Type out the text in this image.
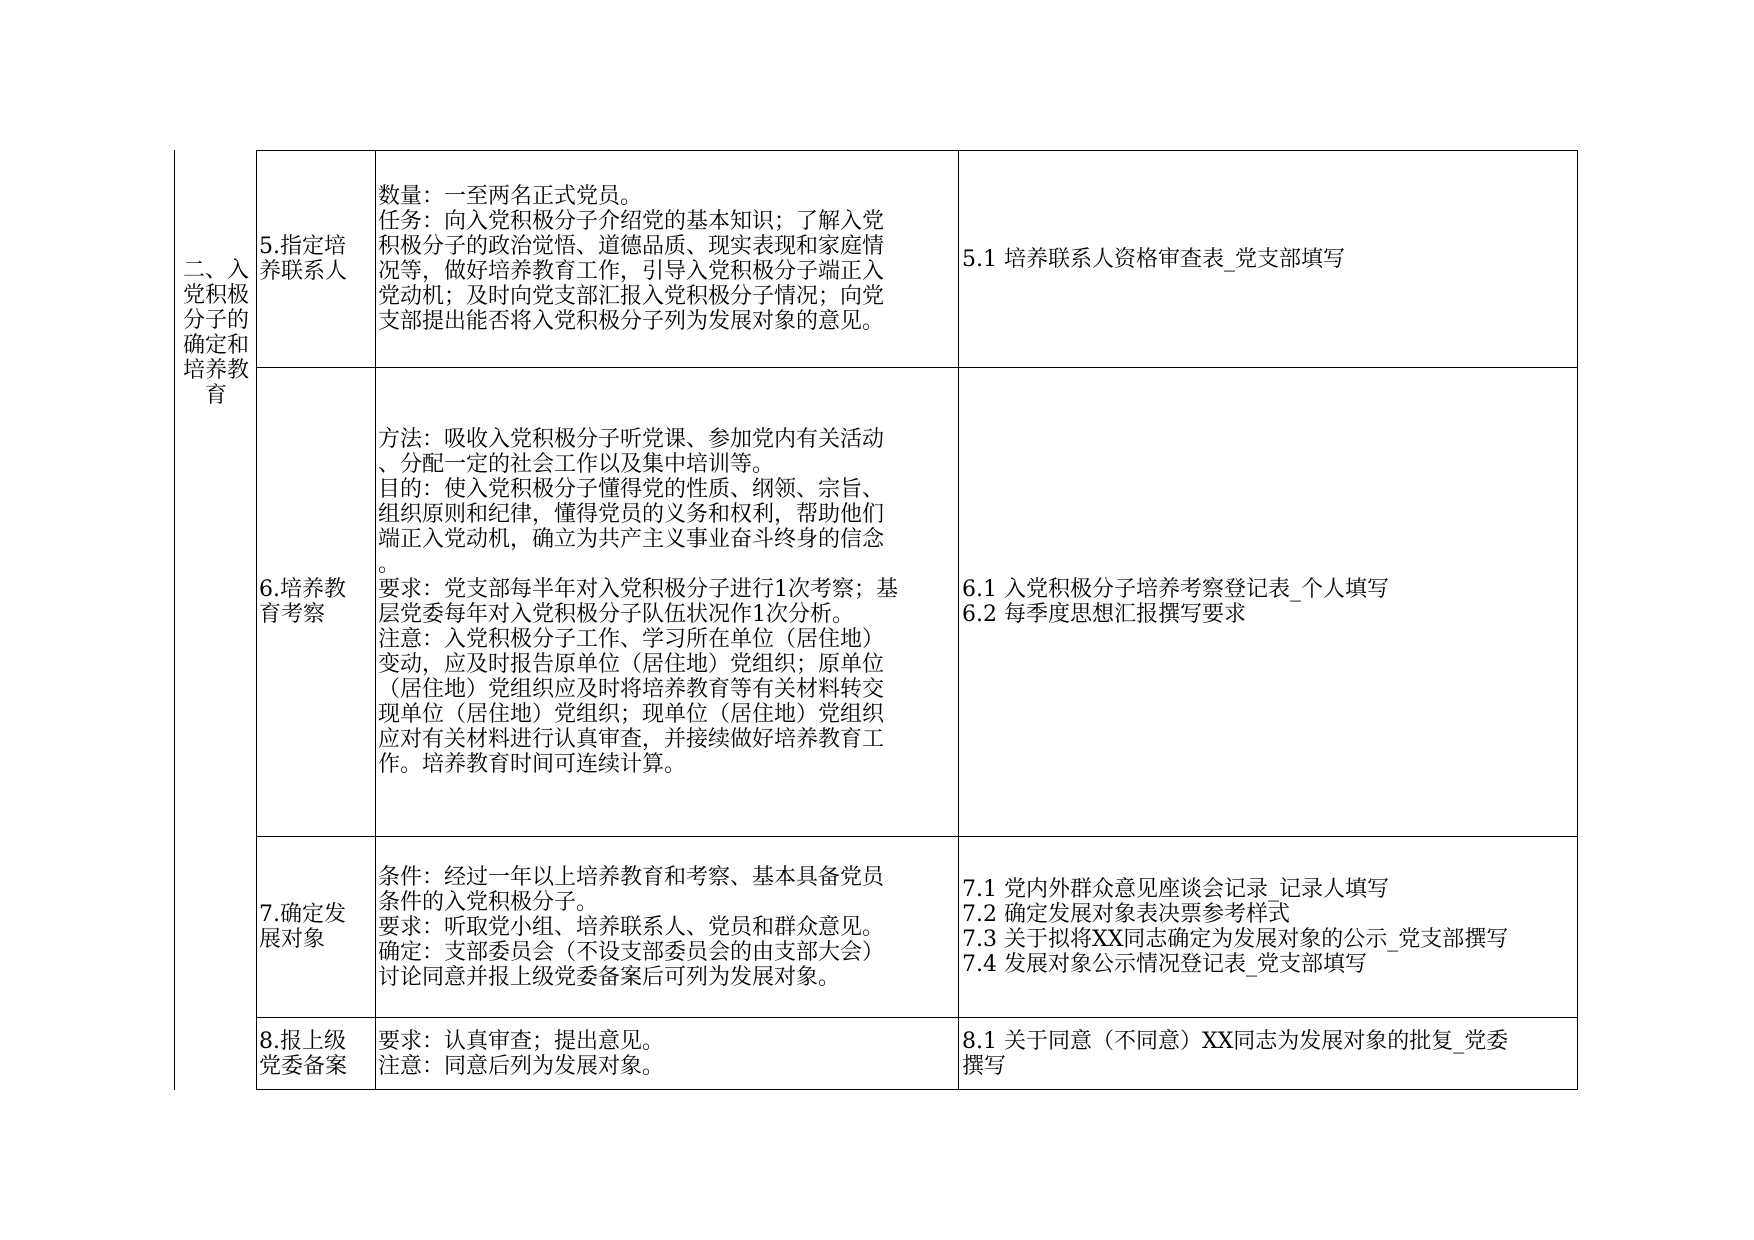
二、入
党积极
分子的
确定和
培养教
育
5.指定培
养联系人
数量：一至两名正式党员。
任务：向入党积极分子介绍党的基本知识；了解入党
积极分子的政治觉悟、道德品质、现实表现和家庭情
况等，做好培养教育工作，引导入党积极分子端正入
党动机；及时向党支部汇报入党积极分子情况；向党
支部提出能否将入党积极分子列为发展对象的意见。
5.1 培养联系人资格审查表_党支部填写
6.培养教
育考察
方法：吸收入党积极分子听党课、参加党内有关活动
、分配一定的社会工作以及集中培训等。
目的：使入党积极分子懂得党的性质、纲领、宗旨、
组织原则和纪律，懂得党员的义务和权利，帮助他们
端正入党动机，确立为共产主义事业奋斗终身的信念
。
要求：党支部每半年对入党积极分子进行1次考察；基
层党委每年对入党积极分子队伍状况作1次分析。
注意：入党积极分子工作、学习所在单位（居住地）
变动，应及时报告原单位（居住地）党组织；原单位
（居住地）党组织应及时将培养教育等有关材料转交
现单位（居住地）党组织；现单位（居住地）党组织
应对有关材料进行认真审查，并接续做好培养教育工
作。培养教育时间可连续计算。
6.1 入党积极分子培养考察登记表_个人填写
6.2 每季度思想汇报撰写要求
7.确定发
展对象
条件：经过一年以上培养教育和考察、基本具备党员
条件的入党积极分子。
要求：听取党小组、培养联系人、党员和群众意见。
确定：支部委员会（不设支部委员会的由支部大会）
讨论同意并报上级党委备案后可列为发展对象。
7.1 党内外群众意见座谈会记录_记录人填写
7.2 确定发展对象表决票参考样式
7.3 关于拟将XX同志确定为发展对象的公示_党支部撰写
7.4 发展对象公示情况登记表_党支部填写
8.报上级
党委备案
要求：认真审查；提出意见。
注意：同意后列为发展对象。
8.1 关于同意（不同意）XX同志为发展对象的批复_党委
撰写
